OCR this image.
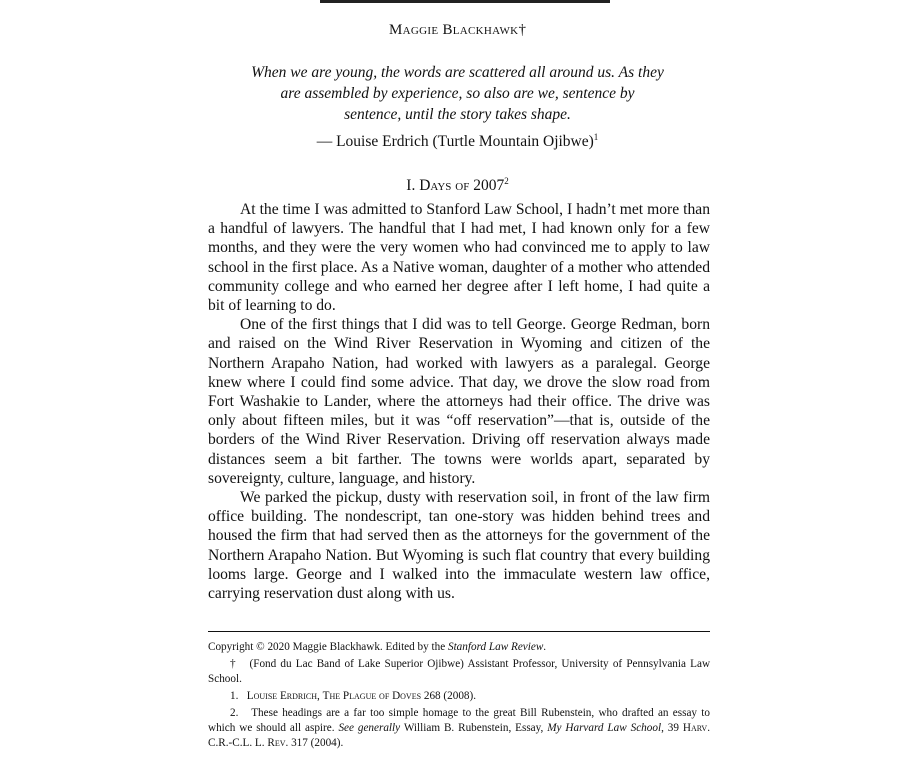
Maggie Blackhawk†
When we are young, the words are scattered all around us. As they are assembled by experience, so also are we, sentence by sentence, until the story takes shape.
— Louise Erdrich (Turtle Mountain Ojibwe)$^1$
I. Days of 2007$^2$

At the time I was admitted to Stanford Law School, I hadn’t met more than a handful of lawyers. The handful that I had met, I had known only for a few months, and they were the very women who had convinced me to apply to law school in the first place. As a Native woman, daughter of a mother who attended community college and who earned her degree after I left home, I had quite a bit of learning to do.

One of the first things that I did was to tell George. George Redman, born and raised on the Wind River Reservation in Wyoming and citizen of the Northern Arapaho Nation, had worked with lawyers as a paralegal. George knew where I could find some advice. That day, we drove the slow road from Fort Washakie to Lander, where the attorneys had their office. The drive was only about fifteen miles, but it was “off reservation”—that is, outside of the borders of the Wind River Reservation. Driving off reservation always made distances seem a bit farther. The towns were worlds apart, separated by sovereignty, culture, language, and history.

We parked the pickup, dusty with reservation soil, in front of the law firm office building. The nondescript, tan one-story was hidden behind trees and housed the firm that had served then as the attorneys for the government of the Northern Arapaho Nation. But Wyoming is such flat country that every building looms large. George and I walked into the immaculate western law office, carrying reservation dust along with us.

Copyright © 2020 Maggie Blackhawk. Edited by the Stanford Law Review.

† (Fond du Lac Band of Lake Superior Ojibwe) Assistant Professor, University of Pennsylvania Law School.

1. Louise Erdrich, The Plague of Doves 268 (2008).

2. These headings are a far too simple homage to the great Bill Rubenstein, who drafted an essay to which we should all aspire. See generally William B. Rubenstein, Essay, My Harvard Law School, 39 Harv. C.R.-C.L. L. Rev. 317 (2004).
